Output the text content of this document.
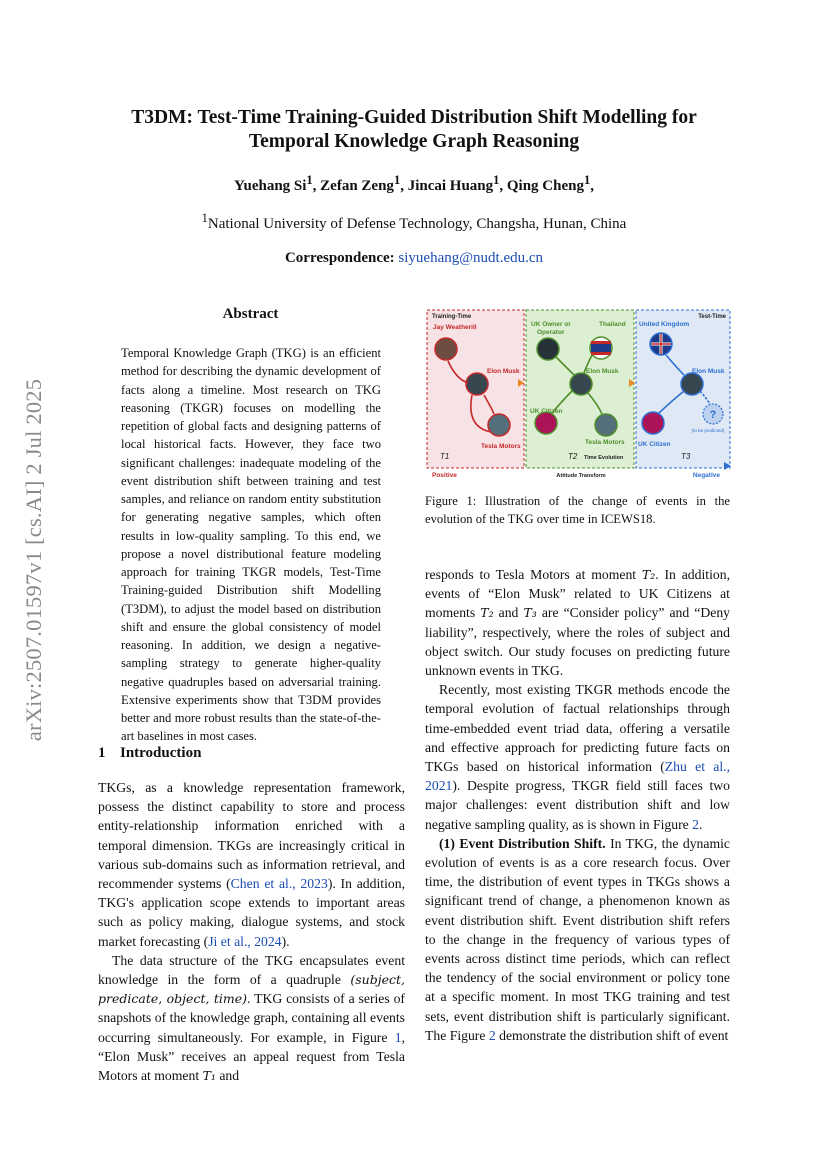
arXiv:2507.01597v1 [cs.AI] 2 Jul 2025
T3DM: Test-Time Training-Guided Distribution Shift Modelling for
Temporal Knowledge Graph Reasoning
Yuehang Si$^1$, Zefan Zeng$^1$, Jincai Huang$^1$, Qing Cheng$^1$,
$^1$National University of Defense Technology, Changsha, Hunan, China
Correspondence: siyuehang@nudt.edu.cn
Abstract
Temporal Knowledge Graph (TKG) is an efficient method for describing the dynamic development of facts along a timeline. Most research on TKG reasoning (TKGR) focuses on modelling the repetition of global facts and designing patterns of local historical facts. However, they face two significant challenges: inadequate modeling of the event distribution shift between training and test samples, and reliance on random entity substitution for generating negative samples, which often results in low-quality sampling. To this end, we propose a novel distributional feature modeling approach for training TKGR models, Test-Time Training-guided Distribution shift Modelling (T3DM), to adjust the model based on distribution shift and ensure the global consistency of model reasoning. In addition, we design a negative-sampling strategy to generate higher-quality negative quadruples based on adversarial training. Extensive experiments show that T3DM provides better and more robust results than the state-of-the-art baselines in most cases.
1 Introduction

TKGs, as a knowledge representation framework, possess the distinct capability to store and process entity-relationship information enriched with a temporal dimension. TKGs are increasingly critical in various sub-domains such as information retrieval, and recommender systems (Chen et al., 2023). In addition, TKG's application scope extends to important areas such as policy making, dialogue systems, and stock market forecasting (Ji et al., 2024).

The data structure of the TKG encapsulates event knowledge in the form of a quadruple (subject, predicate, object, time). TKG consists of a series of snapshots of the knowledge graph, containing all events occurring simultaneously. For example, in Figure 1, “Elon Musk” receives an appeal request from Tesla Motors at moment T₁ and

Training-Time	Test-Time
Jay Weatherill	UK Owner or
Operator
Thailand United Kingdom
Elon Musk
Tesla Motors
T1
Elon Musk
UK Citizen
Tesla Motors
T2 Time Evolution
?
(to be predicted)
Elon Musk
UK Citizen
T3
Positive	Attitude Transform	Negative
Figure 1: Illustration of the change of events in the evolution of the TKG over time in ICEWS18.

responds to Tesla Motors at moment T₂. In addition, events of “Elon Musk” related to UK Citizens at moments T₂ and T₃ are “Consider policy” and “Deny liability”, respectively, where the roles of subject and object switch. Our study focuses on predicting future unknown events in TKG.

Recently, most existing TKGR methods encode the temporal evolution of factual relationships through time-embedded event triad data, offering a versatile and effective approach for predicting future facts on TKGs based on historical information (Zhu et al., 2021). Despite progress, TKGR field still faces two major challenges: event distribution shift and low negative sampling quality, as is shown in Figure 2.

(1) Event Distribution Shift. In TKG, the dynamic evolution of events is as a core research focus. Over time, the distribution of event types in TKGs shows a significant trend of change, a phenomenon known as event distribution shift. Event distribution shift refers to the change in the frequency of various types of events across distinct time periods, which can reflect the tendency of the social environment or policy tone at a specific moment. In most TKG training and test sets, event distribution shift is particularly significant. The Figure 2 demonstrate the distribution shift of event
